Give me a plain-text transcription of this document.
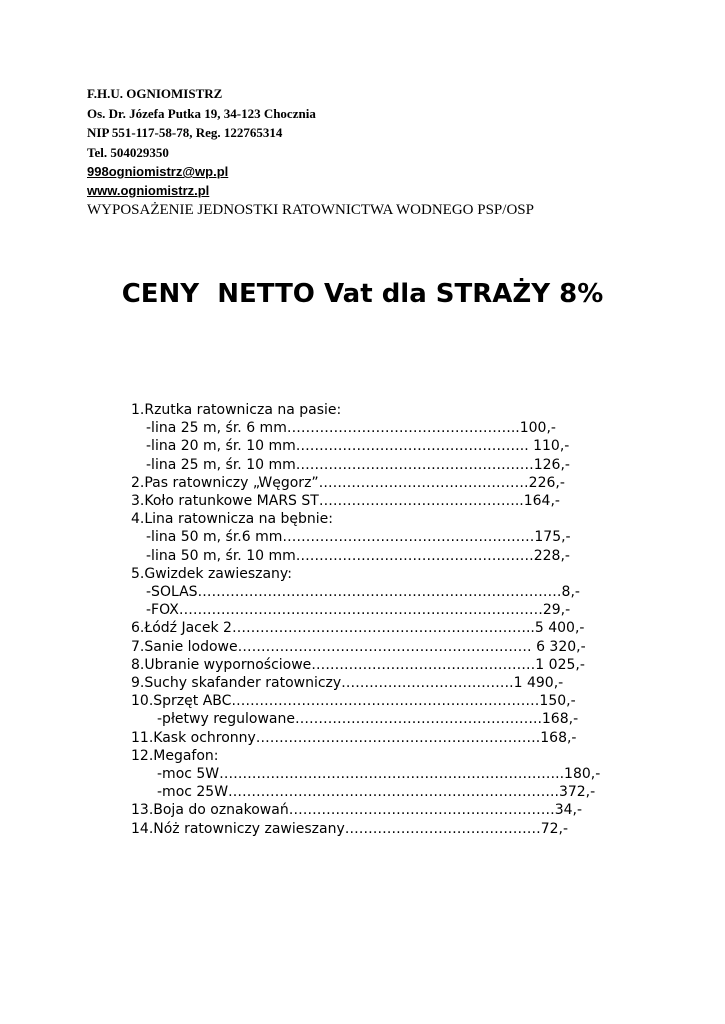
F.H.U. OGNIOMISTRZ
Os. Dr. Józefa Putka 19, 34-123 Chocznia
NIP 551-117-58-78, Reg. 122765314
Tel. 504029350
998ogniomistrz@wp.pl
www.ogniomistrz.pl
WYPOSAŻENIE JEDNOSTKI RATOWNICTWA WODNEGO PSP/OSP
CENY  NETTO Vat dla STRAŻY 8%
1.Rzutka ratownicza na pasie:
-lina 25 m, śr. 6 mm…………………………………………..100,-
-lina 20 m, śr. 10 mm………………………………………….. 110,-
-lina 25 m, śr. 10 mm……………………………………………126,-
2.Pas ratowniczy „Węgorz”………………………………………226,-
3.Koło ratunkowe MARS ST……………………………………..164,-
4.Lina ratownicza na bębnie:
-lina 50 m, śr.6 mm………………………………………………175,-
-lina 50 m, śr. 10 mm……………………………………………228,-
5.Gwizdek zawieszany:
-SOLAS……………………………………………………………………8,-
-FOX……………………………………………………………………29,-
6.Łódź Jacek 2………………………………………………………..5 400,-
7.Sanie lodowe……………………………………………………… 6 320,-
8.Ubranie wypornościowe…………………………………………1 025,-
9.Suchy skafander ratowniczy……………………………….1 490,-
10.Sprzęt ABC…………………………………………………………150,-
-płetwy regulowane……………………………………………..168,-
11.Kask ochronny…………………………………………………….168,-
12.Megafon:
-moc 5W………………………………………………………………..180,-
-moc 25W……………………………………………………………..372,-
13.Boja do oznakowań…………………………………………………34,-
14.Nóż ratowniczy zawieszany……………………………………72,-
